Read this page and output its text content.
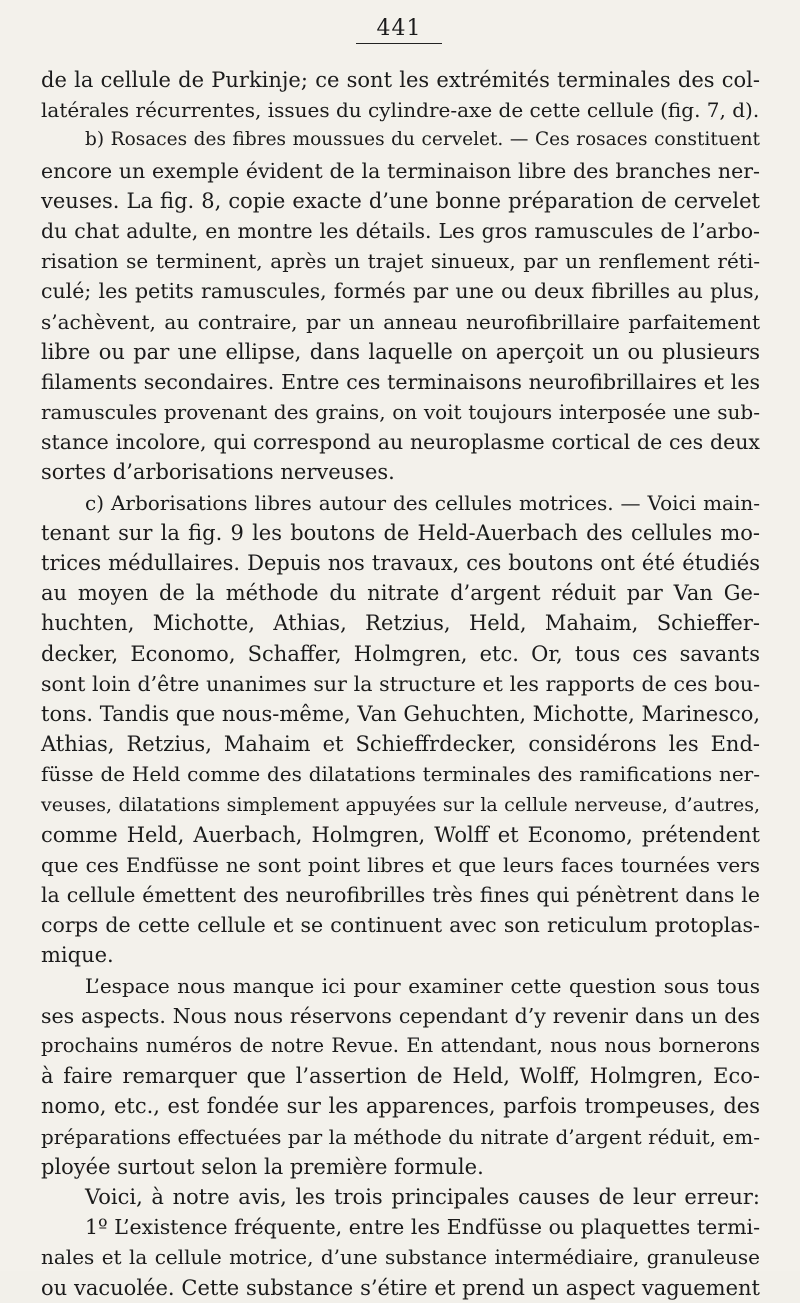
441
de la cellule de Purkinje; ce sont les extrémités terminales des col-
latérales récurrentes, issues du cylindre-axe de cette cellule (fig. 7, d).
b) Rosaces des fibres moussues du cervelet. — Ces rosaces constituent
encore un exemple évident de la terminaison libre des branches ner-
veuses. La fig. 8, copie exacte d’une bonne préparation de cervelet
du chat adulte, en montre les détails. Les gros ramuscules de l’arbo-
risation se terminent, après un trajet sinueux, par un renflement réti-
culé; les petits ramuscules, formés par une ou deux fibrilles au plus,
s’achèvent, au contraire, par un anneau neurofibrillaire parfaitement
libre ou par une ellipse, dans laquelle on aperçoit un ou plusieurs
filaments secondaires. Entre ces terminaisons neurofibrillaires et les
ramuscules provenant des grains, on voit toujours interposée une sub-
stance incolore, qui correspond au neuroplasme cortical de ces deux
sortes d’arborisations nerveuses.
c) Arborisations libres autour des cellules motrices. — Voici main-
tenant sur la fig. 9 les boutons de Held-Auerbach des cellules mo-
trices médullaires. Depuis nos travaux, ces boutons ont été étudiés
au moyen de la méthode du nitrate d’argent réduit par Van Ge-
huchten, Michotte, Athias, Retzius, Held, Mahaim, Schieffer-
decker, Economo, Schaffer, Holmgren, etc. Or, tous ces savants
sont loin d’être unanimes sur la structure et les rapports de ces bou-
tons. Tandis que nous-même, Van Gehuchten, Michotte, Marinesco,
Athias, Retzius, Mahaim et Schieffrdecker, considérons les End-
füsse de Held comme des dilatations terminales des ramifications ner-
veuses, dilatations simplement appuyées sur la cellule nerveuse, d’autres,
comme Held, Auerbach, Holmgren, Wolff et Economo, prétendent
que ces Endfüsse ne sont point libres et que leurs faces tournées vers
la cellule émettent des neurofibrilles très fines qui pénètrent dans le
corps de cette cellule et se continuent avec son reticulum protoplas-
mique.
L’espace nous manque ici pour examiner cette question sous tous
ses aspects. Nous nous réservons cependant d’y revenir dans un des
prochains numéros de notre Revue. En attendant, nous nous bornerons
à faire remarquer que l’assertion de Held, Wolff, Holmgren, Eco-
nomo, etc., est fondée sur les apparences, parfois trompeuses, des
préparations effectuées par la méthode du nitrate d’argent réduit, em-
ployée surtout selon la première formule.
Voici, à notre avis, les trois principales causes de leur erreur:
1º L’existence fréquente, entre les Endfüsse ou plaquettes termi-
nales et la cellule motrice, d’une substance intermédiaire, granuleuse
ou vacuolée. Cette substance s’étire et prend un aspect vaguement
